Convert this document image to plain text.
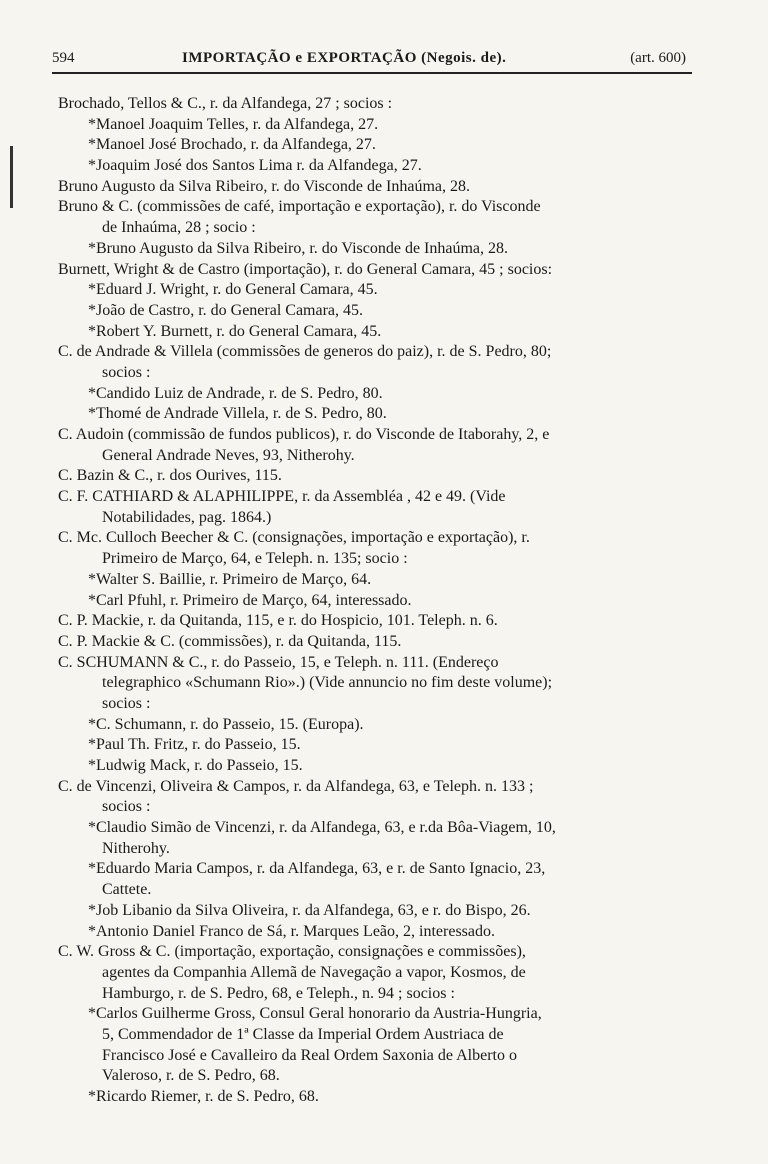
594	IMPORTAÇÃO e EXPORTAÇÃO (Negois. de).	(art. 600)
Brochado, Tellos & C., r. da Alfandega, 27 ; socios :
*Manoel Joaquim Telles, r. da Alfandega, 27.
*Manoel José Brochado, r. da Alfandega, 27.
*Joaquim José dos Santos Lima r. da Alfandega, 27.
Bruno Augusto da Silva Ribeiro, r. do Visconde de Inhaúma, 28.
Bruno & C. (commissões de café, importação e exportação), r. do Visconde
de Inhaúma, 28 ; socio :
*Bruno Augusto da Silva Ribeiro, r. do Visconde de Inhaúma, 28.
Burnett, Wright & de Castro (importação), r. do General Camara, 45 ; socios:
*Eduard J. Wright, r. do General Camara, 45.
*João de Castro, r. do General Camara, 45.
*Robert Y. Burnett, r. do General Camara, 45.
C. de Andrade & Villela (commissões de generos do paiz), r. de S. Pedro, 80;
socios :
*Candido Luiz de Andrade, r. de S. Pedro, 80.
*Thomé de Andrade Villela, r. de S. Pedro, 80.
C. Audoin (commissão de fundos publicos), r. do Visconde de Itaborahy, 2, e
General Andrade Neves, 93, Nitherohy.
C. Bazin & C., r. dos Ourives, 115.
C. F. CATHIARD & ALAPHILIPPE, r. da Assembléa , 42 e 49. (Vide
Notabilidades, pag. 1864.)
C. Mc. Culloch Beecher & C. (consignações, importação e exportação), r.
Primeiro de Março, 64, e Teleph. n. 135; socio :
*Walter S. Baillie, r. Primeiro de Março, 64.
*Carl Pfuhl, r. Primeiro de Março, 64, interessado.
C. P. Mackie, r. da Quitanda, 115, e r. do Hospicio, 101. Teleph. n. 6.
C. P. Mackie & C. (commissões), r. da Quitanda, 115.
C. SCHUMANN & C., r. do Passeio, 15, e Teleph. n. 111. (Endereço
telegraphico «Schumann Rio».) (Vide annuncio no fim deste volume);
socios :
*C. Schumann, r. do Passeio, 15. (Europa).
*Paul Th. Fritz, r. do Passeio, 15.
*Ludwig Mack, r. do Passeio, 15.
C. de Vincenzi, Oliveira & Campos, r. da Alfandega, 63, e Teleph. n. 133 ;
socios :
*Claudio Simão de Vincenzi, r. da Alfandega, 63, e r.da Bôa-Viagem, 10,
Nitherohy.
*Eduardo Maria Campos, r. da Alfandega, 63, e r. de Santo Ignacio, 23,
Cattete.
*Job Libanio da Silva Oliveira, r. da Alfandega, 63, e r. do Bispo, 26.
*Antonio Daniel Franco de Sá, r. Marques Leão, 2, interessado.
C. W. Gross & C. (importação, exportação, consignações e commissões),
agentes da Companhia Allemã de Navegação a vapor, Kosmos, de
Hamburgo, r. de S. Pedro, 68, e Teleph., n. 94 ; socios :
*Carlos Guilherme Gross, Consul Geral honorario da Austria-Hungria,
5, Commendador de 1ª Classe da Imperial Ordem Austriaca de
Francisco José e Cavalleiro da Real Ordem Saxonia de Alberto o
Valeroso, r. de S. Pedro, 68.
*Ricardo Riemer, r. de S. Pedro, 68.
